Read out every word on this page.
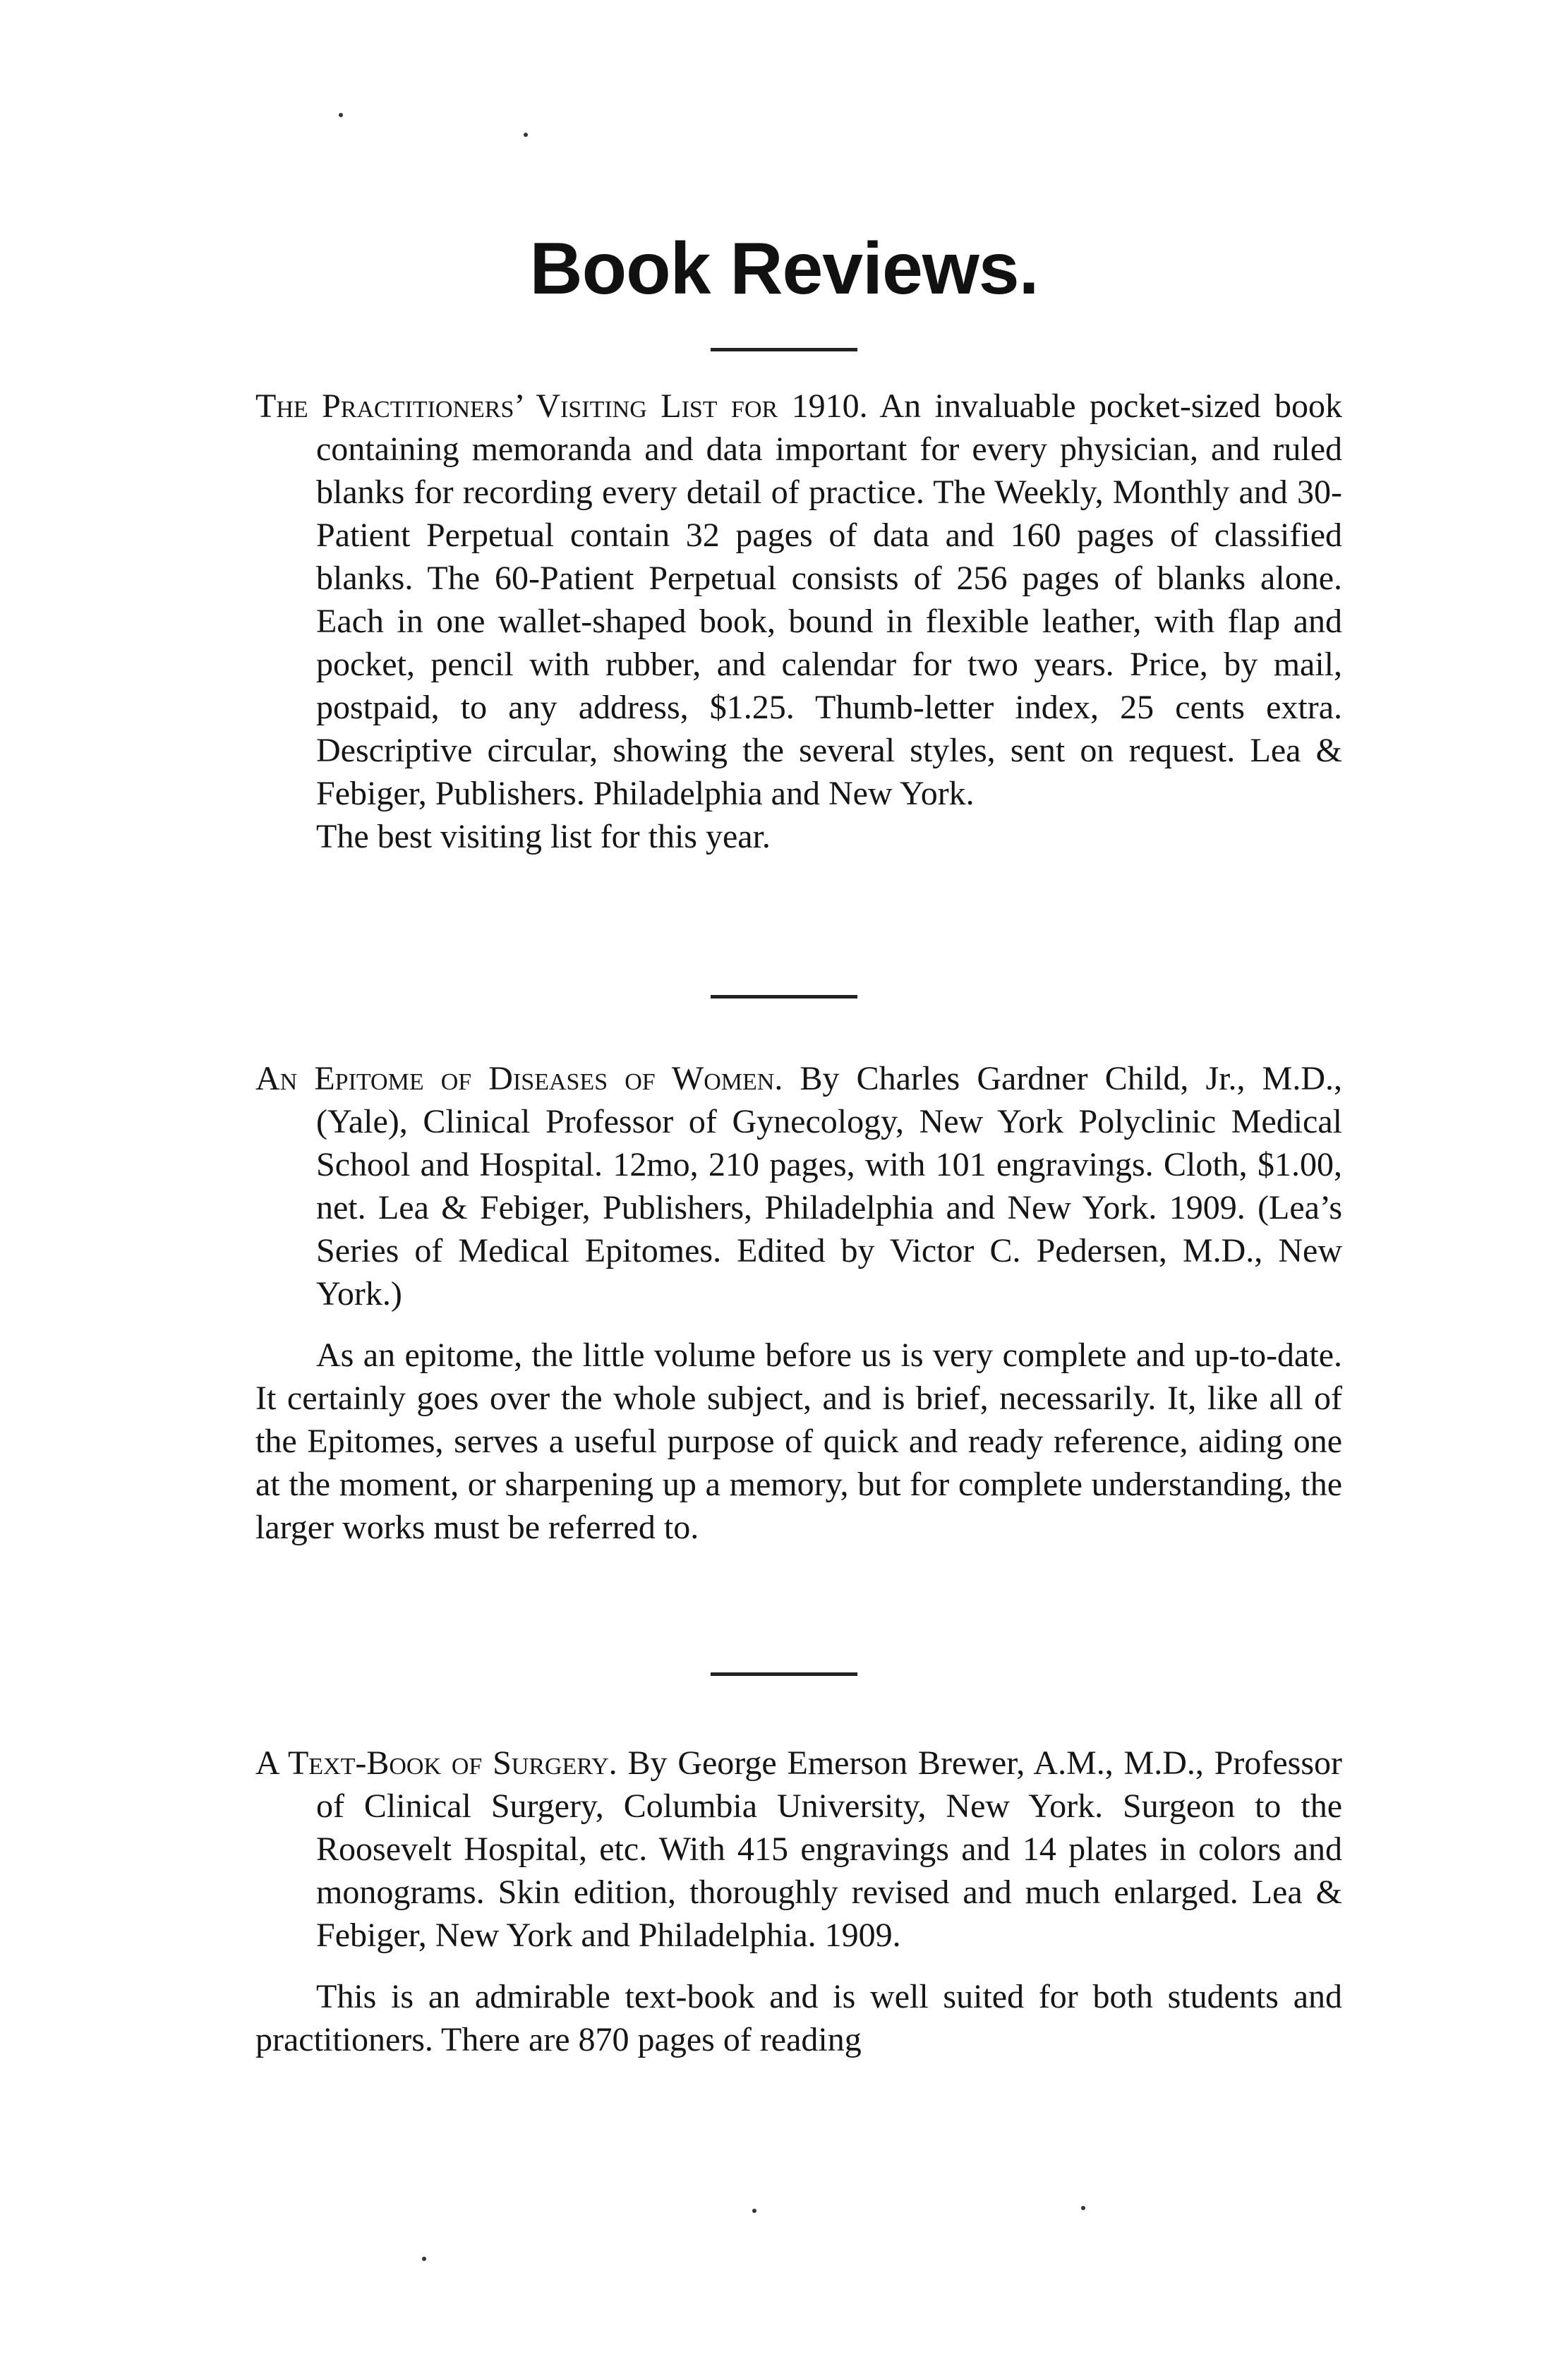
Book Reviews.

The Practitioners’ Visiting List for 1910. An invaluable pocket-sized book containing memoranda and data important for every physician, and ruled blanks for recording every detail of practice. The Weekly, Monthly and 30-Patient Perpetual contain 32 pages of data and 160 pages of classified blanks. The 60-Patient Perpetual consists of 256 pages of blanks alone. Each in one wallet-shaped book, bound in flexible leather, with flap and pocket, pencil with rubber, and calendar for two years. Price, by mail, postpaid, to any address, $1.25. Thumb-letter index, 25 cents extra. Descriptive circular, showing the several styles, sent on request. Lea & Febiger, Publishers. Philadelphia and New York.

The best visiting list for this year.

An Epitome of Diseases of Women. By Charles Gardner Child, Jr., M.D., (Yale), Clinical Professor of Gynecology, New York Polyclinic Medical School and Hospital. 12mo, 210 pages, with 101 engravings. Cloth, $1.00, net. Lea & Febiger, Publishers, Philadelphia and New York. 1909. (Lea’s Series of Medical Epitomes. Edited by Victor C. Pedersen, M.D., New York.)

As an epitome, the little volume before us is very complete and up-to-date. It certainly goes over the whole subject, and is brief, necessarily. It, like all of the Epitomes, serves a useful purpose of quick and ready reference, aiding one at the moment, or sharpening up a memory, but for complete understanding, the larger works must be referred to.

A Text-Book of Surgery. By George Emerson Brewer, A.M., M.D., Professor of Clinical Surgery, Columbia University, New York. Surgeon to the Roosevelt Hospital, etc. With 415 engravings and 14 plates in colors and monograms. Skin edition, thoroughly revised and much enlarged. Lea & Febiger, New York and Philadelphia. 1909.

This is an admirable text-book and is well suited for both students and practitioners. There are 870 pages of reading
